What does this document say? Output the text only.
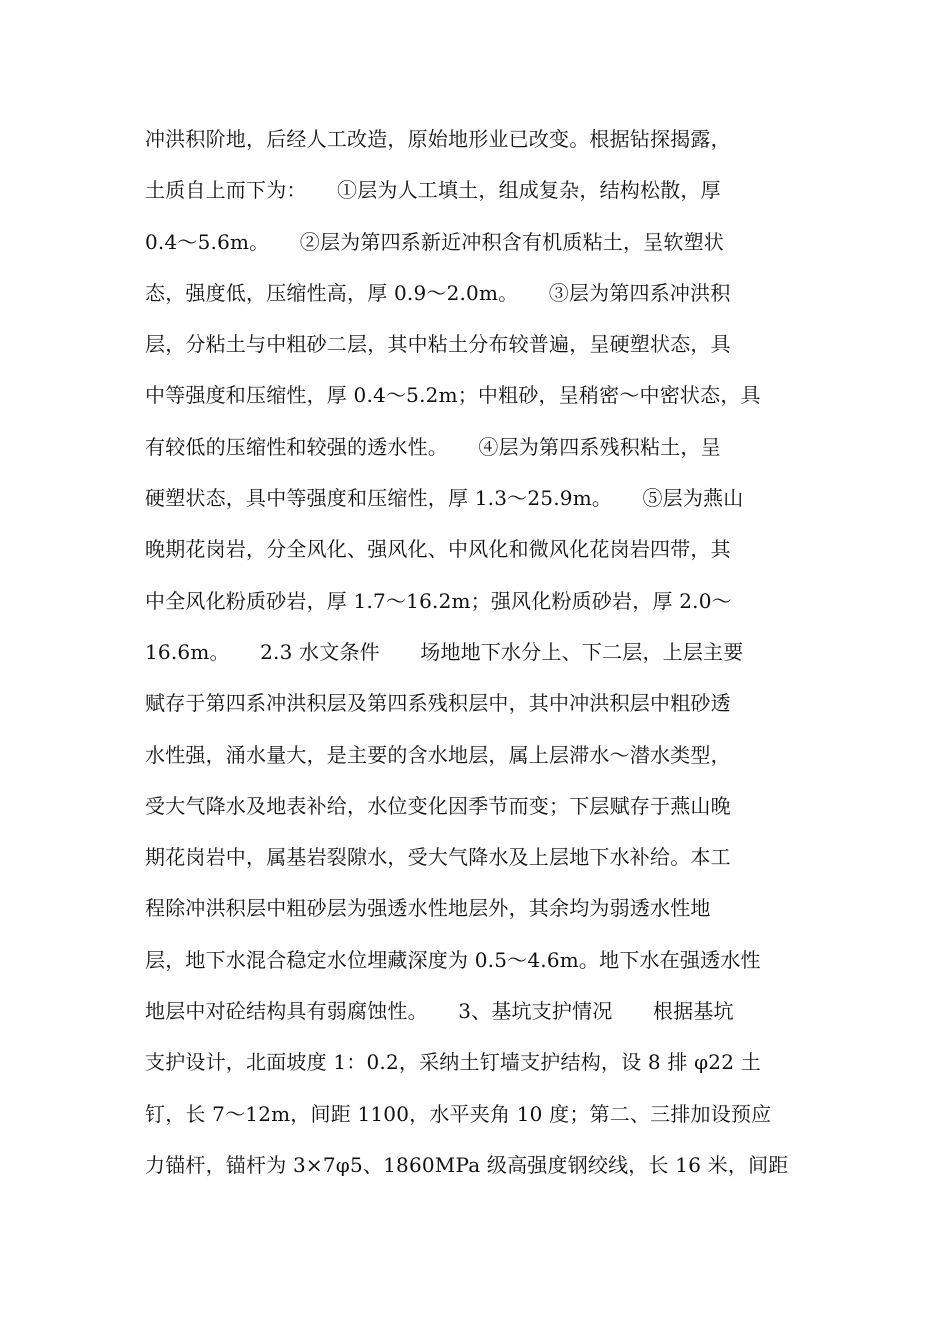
冲洪积阶地，后经人工改造，原始地形业已改变。根据钻探揭露，
土质自上而下为：　　①层为人工填土，组成复杂，结构松散，厚
0.4～5.6m。　　②层为第四系新近冲积含有机质粘土，呈软塑状
态，强度低，压缩性高，厚 0.9～2.0m。　　③层为第四系冲洪积
层，分粘土与中粗砂二层，其中粘土分布较普遍，呈硬塑状态，具
中等强度和压缩性，厚 0.4～5.2m；中粗砂，呈稍密～中密状态，具
有较低的压缩性和较强的透水性。　　④层为第四系残积粘土，呈
硬塑状态，具中等强度和压缩性，厚 1.3～25.9m。　　⑤层为燕山
晚期花岗岩，分全风化、强风化、中风化和微风化花岗岩四带，其
中全风化粉质砂岩，厚 1.7～16.2m；强风化粉质砂岩，厚 2.0～
16.6m。　　2.3 水文条件　　场地地下水分上、下二层，上层主要
赋存于第四系冲洪积层及第四系残积层中，其中冲洪积层中粗砂透
水性强，涌水量大，是主要的含水地层，属上层滞水～潜水类型，
受大气降水及地表补给，水位变化因季节而变；下层赋存于燕山晚
期花岗岩中，属基岩裂隙水，受大气降水及上层地下水补给。本工
程除冲洪积层中粗砂层为强透水性地层外，其余均为弱透水性地
层，地下水混合稳定水位埋藏深度为 0.5～4.6m。地下水在强透水性
地层中对砼结构具有弱腐蚀性。　　3、基坑支护情况　　根据基坑
支护设计，北面坡度 1：0.2，采纳土钉墙支护结构，设 8 排 φ22 土
钉，长 7～12m，间距 1100，水平夹角 10 度；第二、三排加设预应
力锚杆，锚杆为 3×7φ5、1860MPa 级高强度钢绞线，长 16 米，间距
